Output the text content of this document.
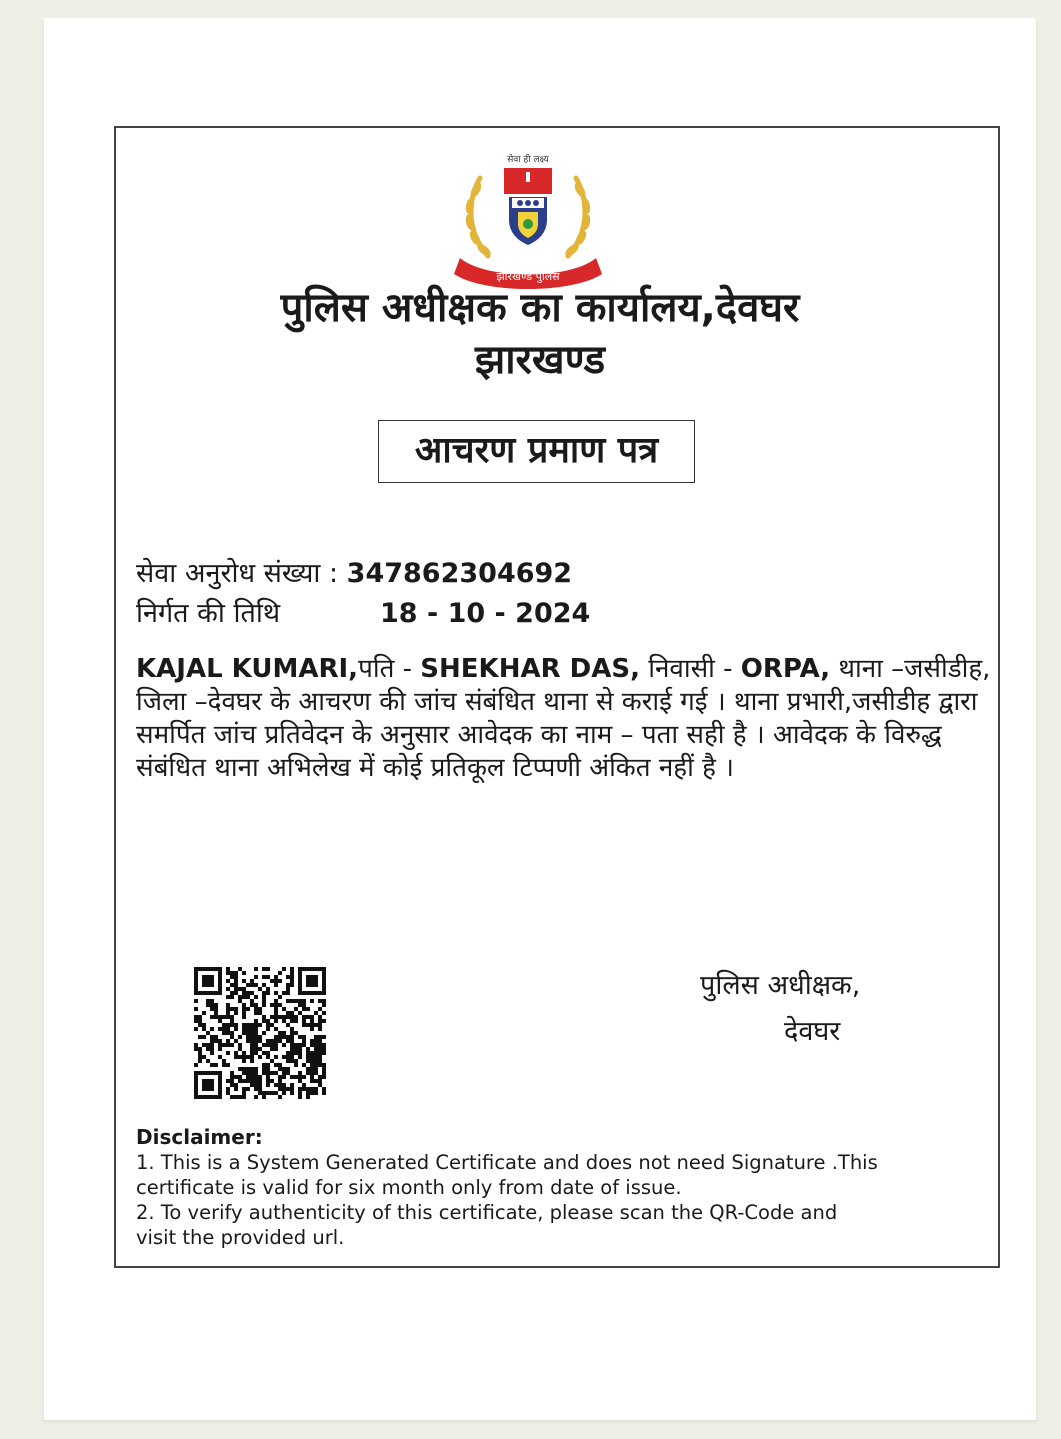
सेवा ही लक्ष्य
झारखण्ड पुलिस
पुलिस अधीक्षक का कार्यालय,देवघर
झारखण्ड
आचरण प्रमाण पत्र
सेवा अनुरोध संख्या : 347862304692
निर्गत की तिथि	18 - 10 - 2024
KAJAL KUMARI,पति - SHEKHAR DAS, निवासी - ORPA, थाना –जसीडीह, जिला –देवघर के आचरण की जांच संबंधित थाना से कराई गई । थाना प्रभारी,जसीडीह द्वारा समर्पित जांच प्रतिवेदन के अनुसार आवेदक का नाम – पता सही है । आवेदक के विरुद्ध संबंधित थाना अभिलेख में कोई प्रतिकूल टिप्पणी अंकित नहीं है ।
पुलिस अधीक्षक,
देवघर
Disclaimer:
1. This is a System Generated Certificate and does not need Signature .This
certificate is valid for six month only from date of issue.
2. To verify authenticity of this certificate, please scan the QR-Code and
visit the provided url.
